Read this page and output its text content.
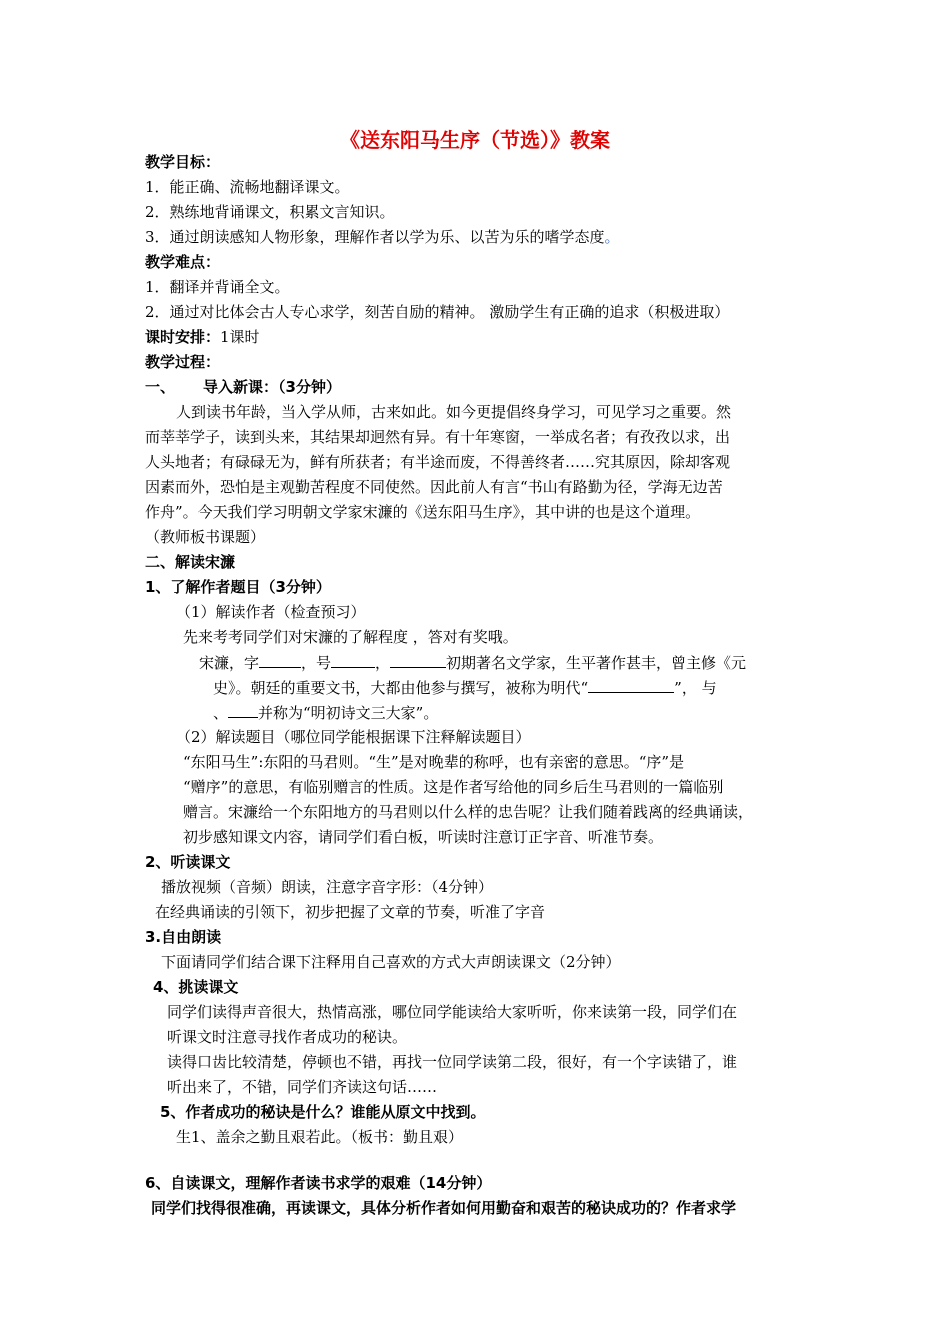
《送东阳马生序（节选）》教案
教学目标：
1．能正确、流畅地翻译课文。
2．熟练地背诵课文，积累文言知识。
3．通过朗读感知人物形象，理解作者以学为乐、以苦为乐的嗜学态度。
教学难点：
1．翻译并背诵全文。
2．通过对比体会古人专心求学，刻苦自励的精神。 激励学生有正确的追求（积极进取）
课时安排：1课时
教学过程：
一、 导入新课：（3分钟）
人到读书年龄，当入学从师，古来如此。如今更提倡终身学习，可见学习之重要。然
而莘莘学子，读到头来，其结果却迥然有异。有十年寒窗，一举成名者；有孜孜以求，出
人头地者；有碌碌无为，鲜有所获者；有半途而废，不得善终者……究其原因，除却客观
因素而外，恐怕是主观勤苦程度不同使然。因此前人有言“书山有路勤为径，学海无边苦
作舟”。今天我们学习明朝文学家宋濂的《送东阳马生序》，其中讲的也是这个道理。
（教师板书课题）
二、解读宋濂
1、了解作者题目（3分钟）
（1）解读作者（检查预习）
先来考考同学们对宋濂的了解程度 ，答对有奖哦。
宋濂，字	，号	，	初期著名文学家，生平著作甚丰，曾主修《元
史》。朝廷的重要文书，大都由他参与撰写，被称为明代“	”， 与
、 并称为“明初诗文三大家”。
（2）解读题目（哪位同学能根据课下注释解读题目）
“东阳马生”:东阳的马君则。“生”是对晚辈的称呼，也有亲密的意思。“序”是
“赠序”的意思，有临别赠言的性质。这是作者写给他的同乡后生马君则的一篇临别
赠言。宋濂给一个东阳地方的马君则以什么样的忠告呢？让我们随着践离的经典诵读，
初步感知课文内容，请同学们看白板，听读时注意订正字音、听准节奏。
2、听读课文
播放视频（音频）朗读，注意字音字形：（4分钟）
在经典诵读的引领下，初步把握了文章的节奏，听准了字音
3.自由朗读
下面请同学们结合课下注释用自己喜欢的方式大声朗读课文（2分钟）
4、挑读课文
同学们读得声音很大，热情高涨，哪位同学能读给大家听听，你来读第一段，同学们在
听课文时注意寻找作者成功的秘诀。
读得口齿比较清楚，停顿也不错，再找一位同学读第二段，很好，有一个字读错了，谁
听出来了，不错，同学们齐读这句话……
5、作者成功的秘诀是什么？谁能从原文中找到。
生1、盖余之勤且艰若此。（板书：勤且艰）
6、自读课文，理解作者读书求学的艰难（14分钟）
同学们找得很准确，再读课文，具体分析作者如何用勤奋和艰苦的秘诀成功的？作者求学
